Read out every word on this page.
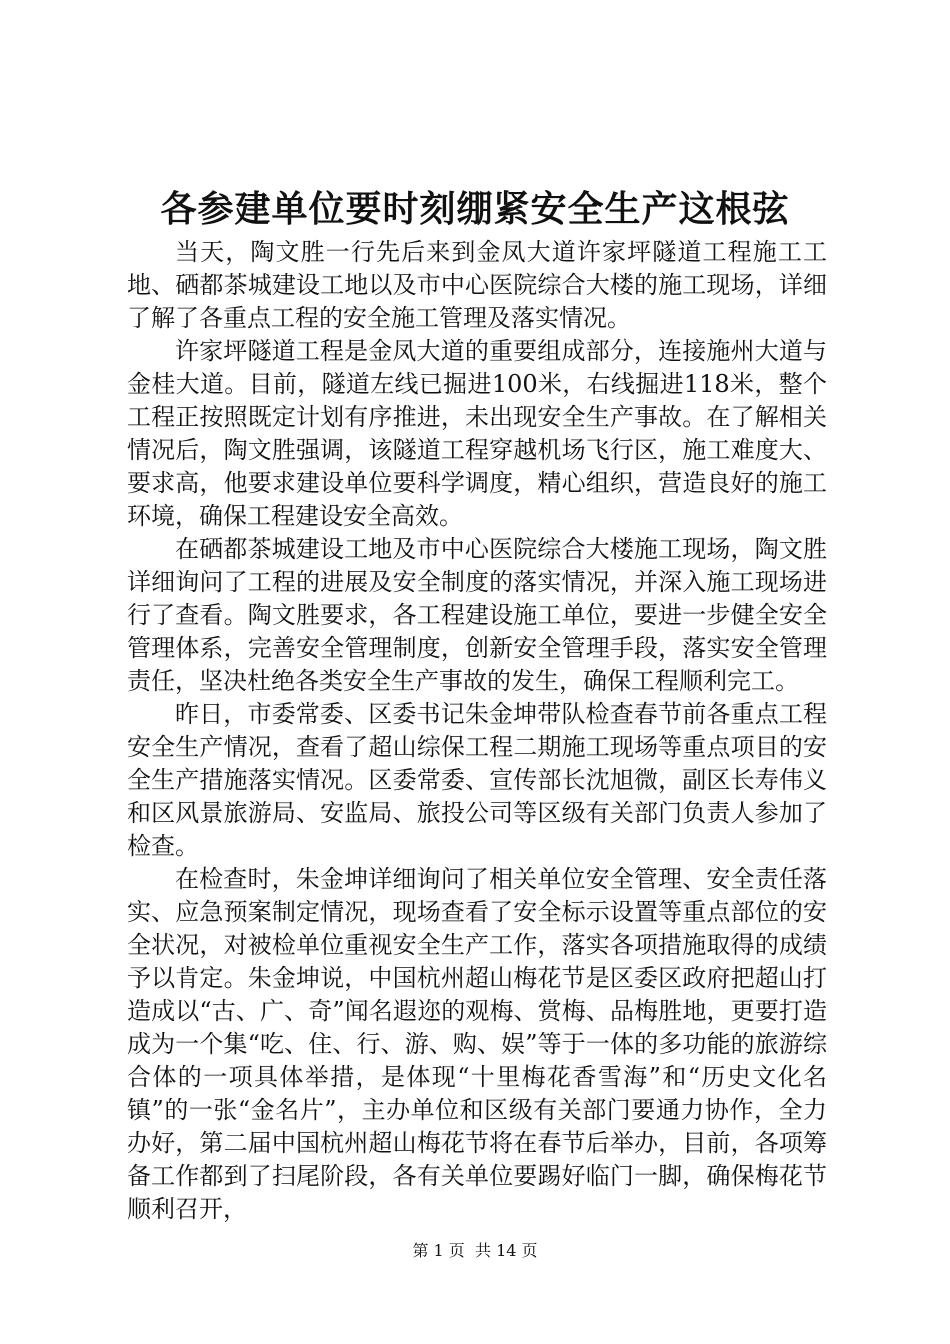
各参建单位要时刻绷紧安全生产这根弦

当天，陶文胜一行先后来到金凤大道许家坪隧道工程施工工地、硒都茶城建设工地以及市中心医院综合大楼的施工现场，详细了解了各重点工程的安全施工管理及落实情况。

许家坪隧道工程是金凤大道的重要组成部分，连接施州大道与金桂大道。目前，隧道左线已掘进100米，右线掘进118米，整个工程正按照既定计划有序推进，未出现安全生产事故。在了解相关情况后，陶文胜强调，该隧道工程穿越机场飞行区，施工难度大、要求高，他要求建设单位要科学调度，精心组织，营造良好的施工环境，确保工程建设安全高效。

在硒都茶城建设工地及市中心医院综合大楼施工现场，陶文胜详细询问了工程的进展及安全制度的落实情况，并深入施工现场进行了查看。陶文胜要求，各工程建设施工单位，要进一步健全安全管理体系，完善安全管理制度，创新安全管理手段，落实安全管理责任，坚决杜绝各类安全生产事故的发生，确保工程顺利完工。

昨日，市委常委、区委书记朱金坤带队检查春节前各重点工程安全生产情况，查看了超山综保工程二期施工现场等重点项目的安全生产措施落实情况。区委常委、宣传部长沈旭微，副区长寿伟义和区风景旅游局、安监局、旅投公司等区级有关部门负责人参加了检查。

在检查时，朱金坤详细询问了相关单位安全管理、安全责任落实、应急预案制定情况，现场查看了安全标示设置等重点部位的安全状况，对被检单位重视安全生产工作，落实各项措施取得的成绩予以肯定。朱金坤说，中国杭州超山梅花节是区委区政府把超山打造成以“古、广、奇”闻名遐迩的观梅、赏梅、品梅胜地，更要打造成为一个集“吃、住、行、游、购、娱”等于一体的多功能的旅游综合体的一项具体举措，是体现“十里梅花香雪海”和“历史文化名镇”的一张“金名片”，主办单位和区级有关部门要通力协作，全力办好，第二届中国杭州超山梅花节将在春节后举办，目前，各项筹备工作都到了扫尾阶段，各有关单位要踢好临门一脚，确保梅花节顺利召开，

第 1 页 共 14 页
